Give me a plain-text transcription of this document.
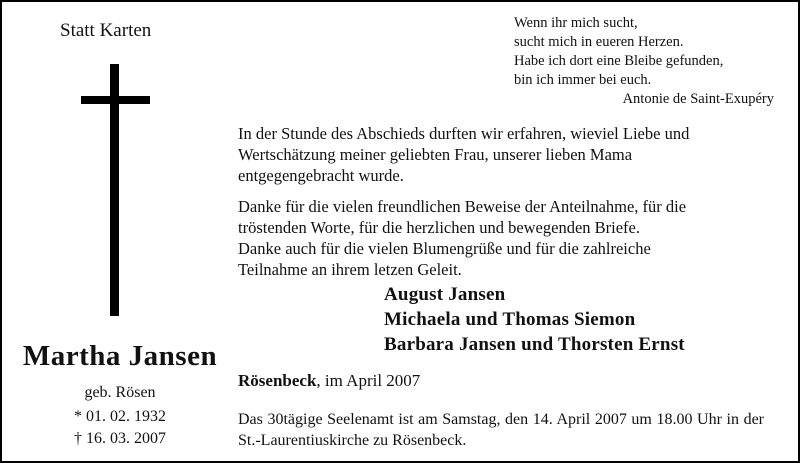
Statt Karten
Martha Jansen
geb. Rösen
* 01. 02. 1932
† 16. 03. 2007
Wenn ihr mich sucht,
sucht mich in eueren Herzen.
Habe ich dort eine Bleibe gefunden,
bin ich immer bei euch.
Antonie de Saint-Exupéry
In der Stunde des Abschieds durften wir erfahren, wieviel Liebe und
Wertschätzung meiner geliebten Frau, unserer lieben Mama
entgegengebracht wurde.
Danke für die vielen freundlichen Beweise der Anteilnahme, für die
tröstenden Worte, für die herzlichen und bewegenden Briefe.
Danke auch für die vielen Blumengrüße und für die zahlreiche
Teilnahme an ihrem letzen Geleit.
August Jansen
Michaela und Thomas Siemon
Barbara Jansen und Thorsten Ernst
Rösenbeck, im April 2007
Das 30tägige Seelenamt ist am Samstag, den 14. April 2007 um 18.00 Uhr in der St.-Laurentiuskirche zu Rösenbeck.
